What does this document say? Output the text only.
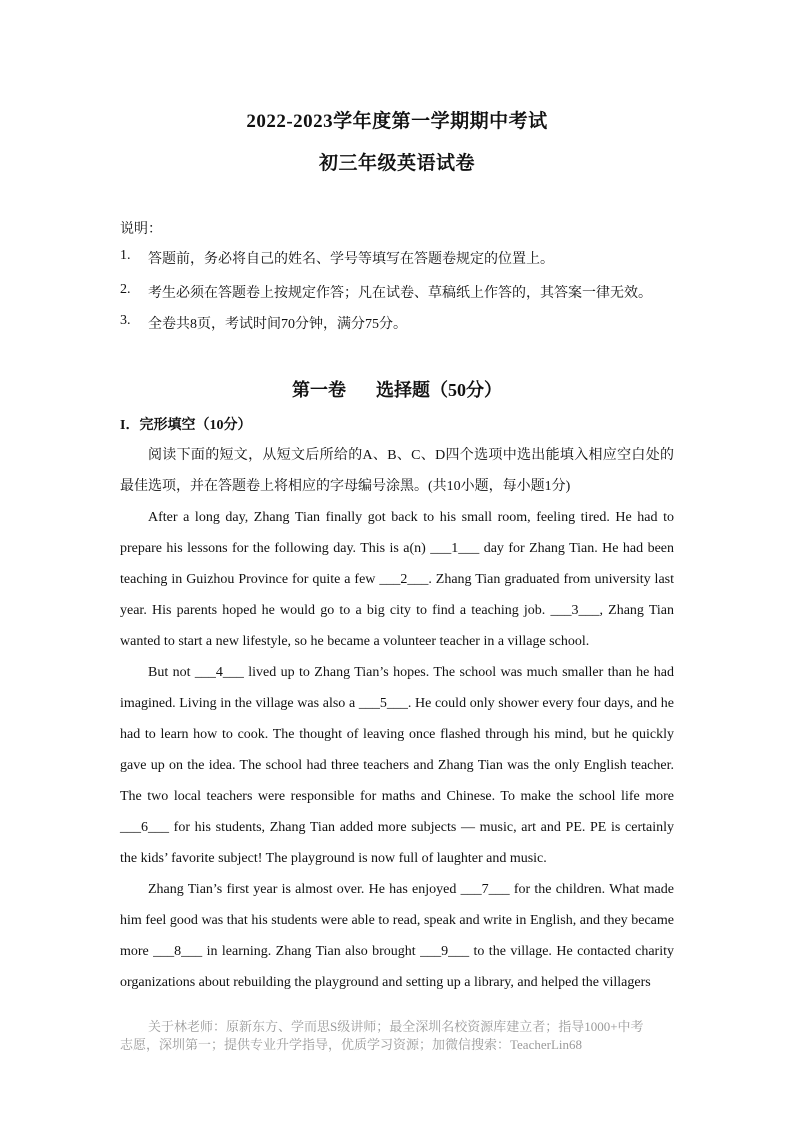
2022-2023学年度第一学期期中考试
初三年级英语试卷
说明：
1.	答题前，务必将自己的姓名、学号等填写在答题卷规定的位置上。
2.	考生必须在答题卷上按规定作答；凡在试卷、草稿纸上作答的，其答案一律无效。
3.	全卷共8页，考试时间70分钟，满分75分。
第一卷 选择题（50分）
I．完形填空（10分）

阅读下面的短文，从短文后所给的A、B、C、D四个选项中选出能填入相应空白处的最佳选项，并在答题卷上将相应的字母编号涂黑。(共10小题，每小题1分)

After a long day, Zhang Tian finally got back to his small room, feeling tired. He had to prepare his lessons for the following day. This is a(n) ___1___ day for Zhang Tian. He had been teaching in Guizhou Province for quite a few ___2___. Zhang Tian graduated from university last year. His parents hoped he would go to a big city to find a teaching job. ___3___, Zhang Tian wanted to start a new lifestyle, so he became a volunteer teacher in a village school.

But not ___4___ lived up to Zhang Tian’s hopes. The school was much smaller than he had imagined. Living in the village was also a ___5___. He could only shower every four days, and he had to learn how to cook. The thought of leaving once flashed through his mind, but he quickly gave up on the idea. The school had three teachers and Zhang Tian was the only English teacher. The two local teachers were responsible for maths and Chinese. To make the school life more ___6___ for his students, Zhang Tian added more subjects — music, art and PE. PE is certainly the kids’ favorite subject! The playground is now full of laughter and music.

Zhang Tian’s first year is almost over. He has enjoyed ___7___ for the children. What made him feel good was that his students were able to read, speak and write in English, and they became more ___8___ in learning. Zhang Tian also brought ___9___ to the village. He contacted charity organizations about rebuilding the playground and setting up a library, and helped the villagers

关于林老师：原新东方、学而思S级讲师；最全深圳名校资源库建立者；指导1000+中考
志愿，深圳第一；提供专业升学指导，优质学习资源；加微信搜索：TeacherLin68
